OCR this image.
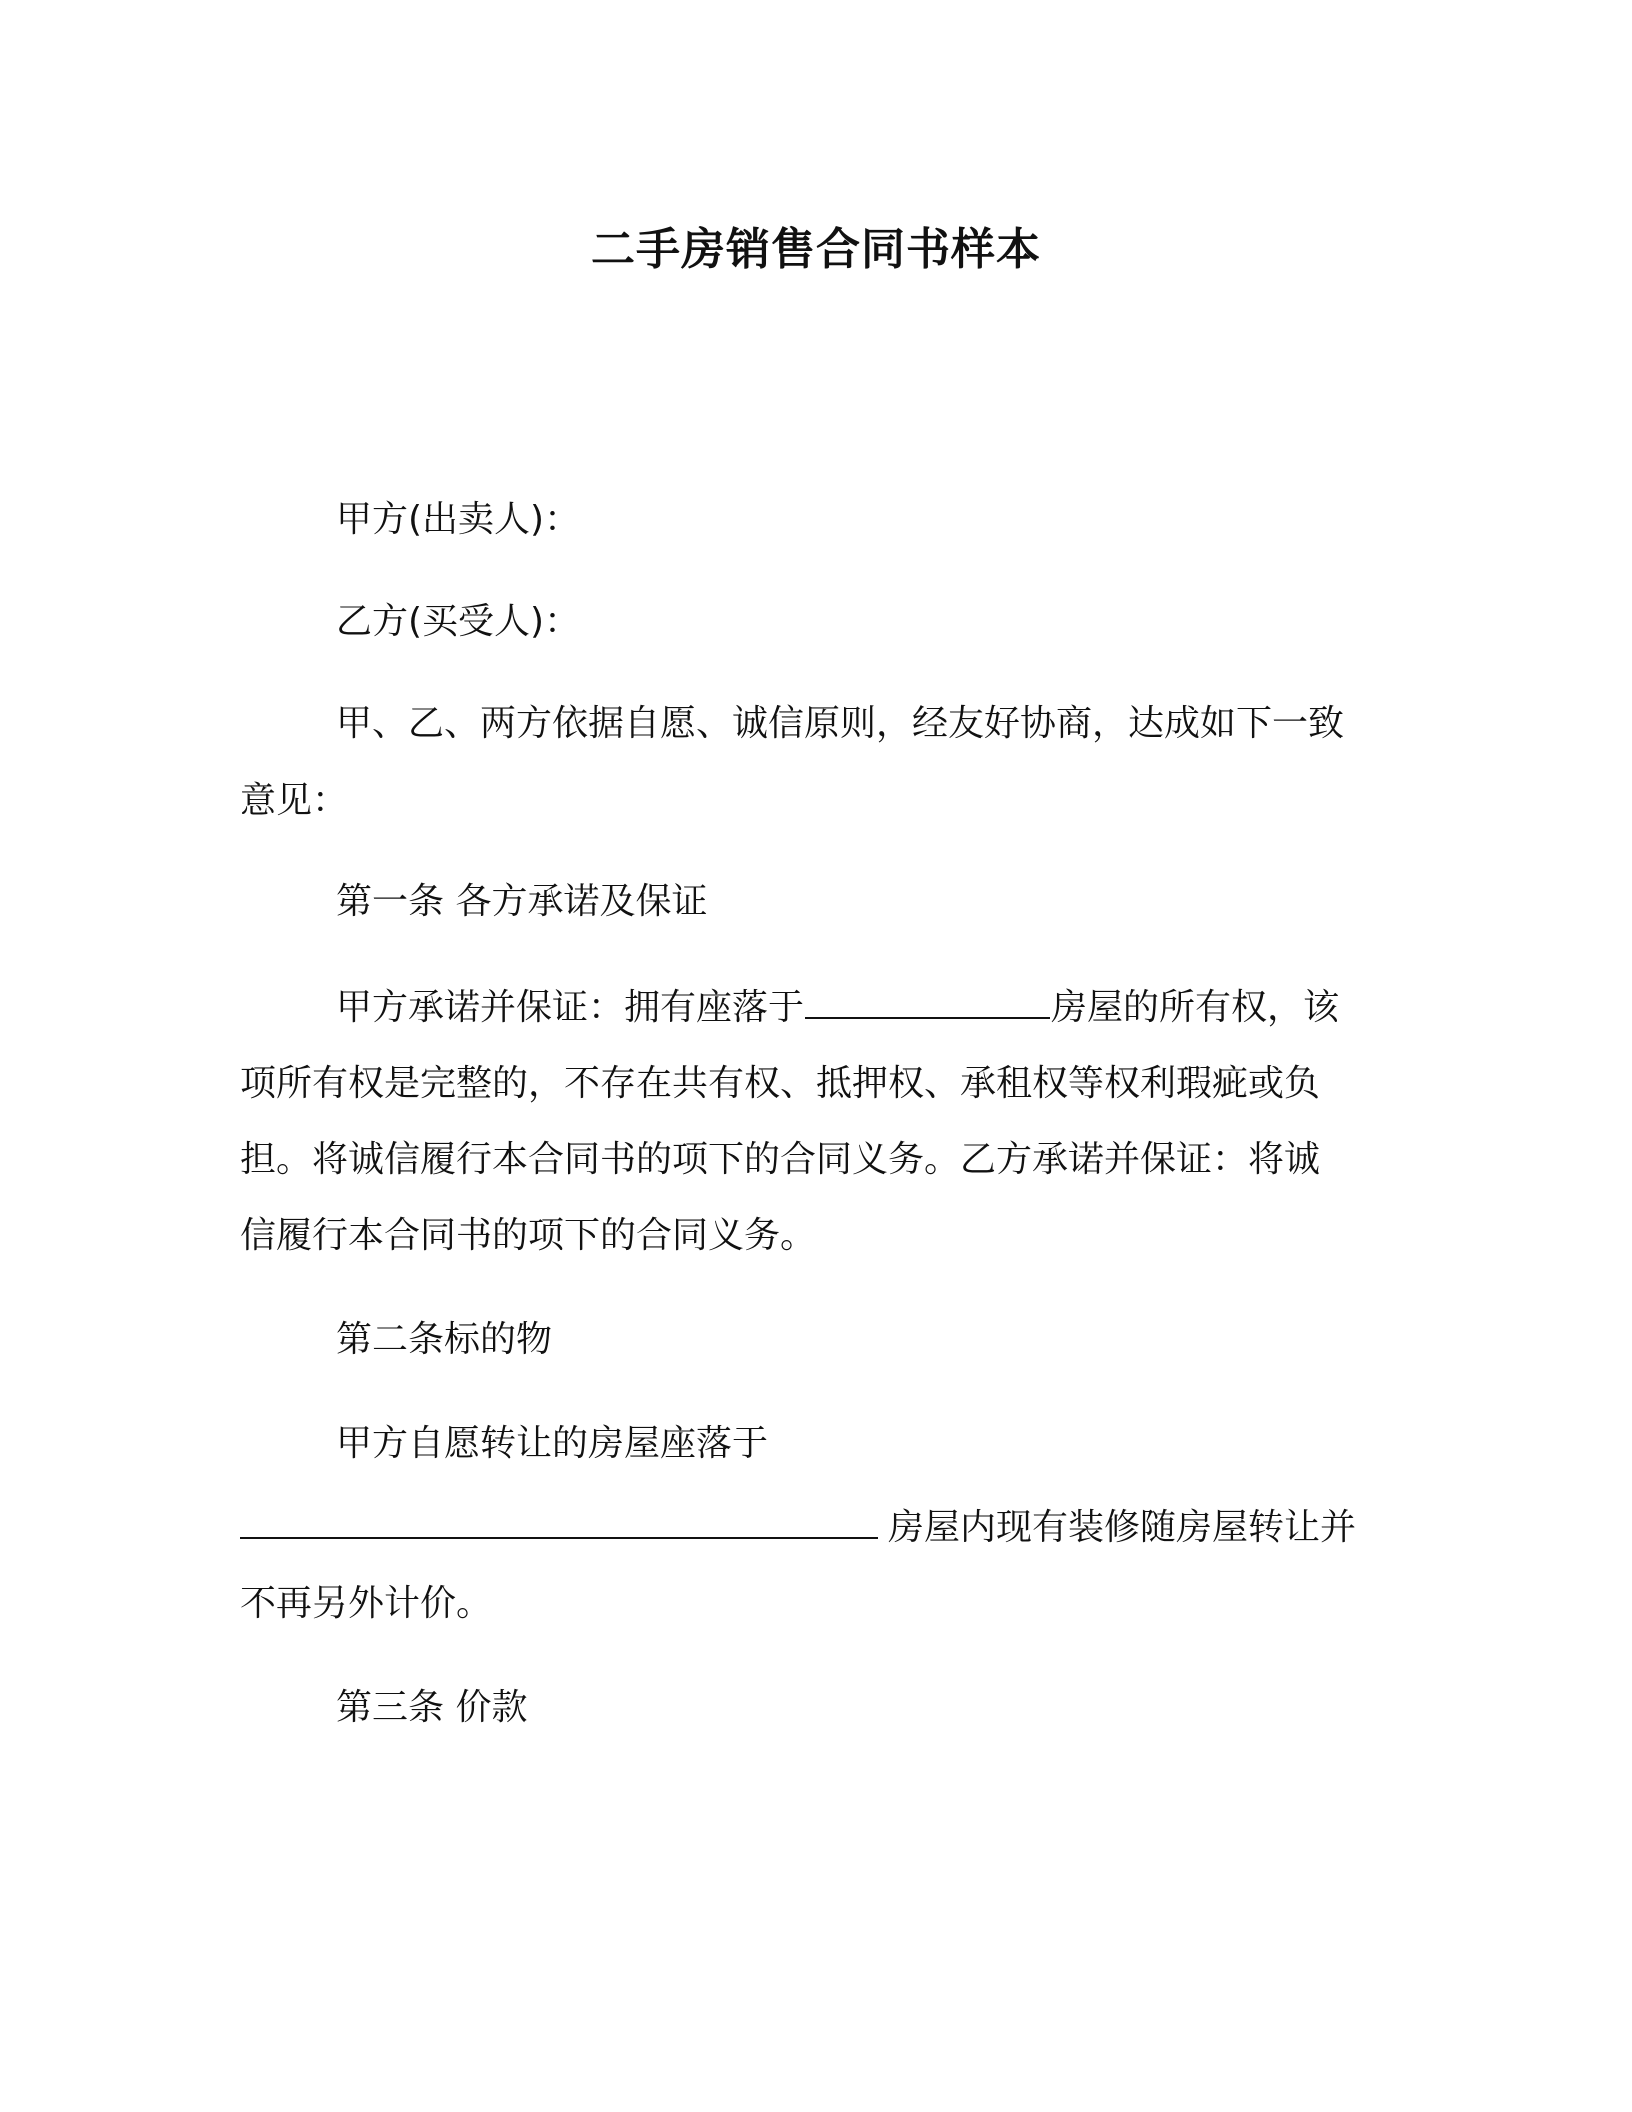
二手房销售合同书样本
甲方(出卖人)：
乙方(买受人)：
甲、乙、两方依据自愿、诚信原则，经友好协商，达成如下一致
意见：
第一条 各方承诺及保证
甲方承诺并保证：拥有座落于	房屋的所有权，该
项所有权是完整的，不存在共有权、抵押权、承租权等权利瑕疵或负
担。将诚信履行本合同书的项下的合同义务。乙方承诺并保证：将诚
信履行本合同书的项下的合同义务。
第二条标的物
甲方自愿转让的房屋座落于
房屋内现有装修随房屋转让并
不再另外计价。
第三条 价款
